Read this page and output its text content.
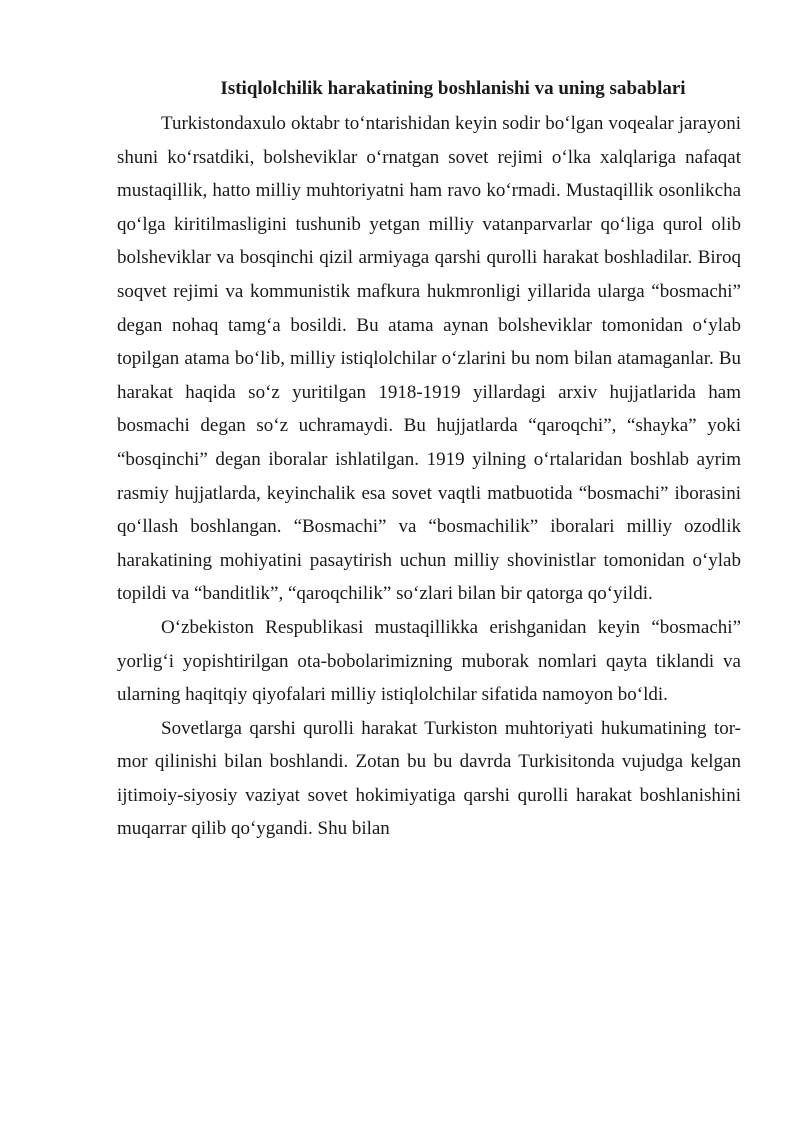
Istiqlolchilik harakatining boshlanishi va uning sabablari

Turkistondaxulo oktabr to‘ntarishidan keyin sodir bo‘lgan voqealar jarayoni shuni ko‘rsatdiki, bolsheviklar o‘rnatgan sovet rejimi o‘lka xalqlariga nafaqat mustaqillik, hatto milliy muhtoriyatni ham ravo ko‘rmadi. Mustaqillik osonlikcha qo‘lga kiritilmasligini tushunib yetgan milliy vatanparvarlar qo‘liga qurol olib bolsheviklar va bosqinchi qizil armiyaga qarshi qurolli harakat boshladilar. Biroq soqvet rejimi va kommunistik mafkura hukmronligi yillarida ularga “bosmachi” degan nohaq tamg‘a bosildi. Bu atama aynan bolsheviklar tomonidan o‘ylab topilgan atama bo‘lib, milliy istiqlolchilar o‘zlarini bu nom bilan atamaganlar. Bu harakat haqida so‘z yuritilgan 1918-1919 yillardagi arxiv hujjatlarida ham bosmachi degan so‘z uchramaydi. Bu hujjatlarda “qaroqchi”, “shayka” yoki “bosqinchi” degan iboralar ishlatilgan. 1919 yilning o‘rtalaridan boshlab ayrim rasmiy hujjatlarda, keyinchalik esa sovet vaqtli matbuotida “bosmachi” iborasini qo‘llash boshlangan. “Bosmachi” va “bosmachilik” iboralari milliy ozodlik harakatining mohiyatini pasaytirish uchun milliy shovinistlar tomonidan o‘ylab topildi va “banditlik”, “qaroqchilik” so‘zlari bilan bir qatorga qo‘yildi.

O‘zbekiston Respublikasi mustaqillikka erishganidan keyin “bosmachi” yorlig‘i yopishtirilgan ota-bobolarimizning muborak nomlari qayta tiklandi va ularning haqitqiy qiyofalari milliy istiqlolchilar sifatida namoyon bo‘ldi.

Sovetlarga qarshi qurolli harakat Turkiston muhtoriyati hukumatining tor-mor qilinishi bilan boshlandi. Zotan bu bu davrda Turkisitonda vujudga kelgan ijtimoiy-siyosiy vaziyat sovet hokimiyatiga qarshi qurolli harakat boshlanishini muqarrar qilib qo‘ygandi. Shu bilan
